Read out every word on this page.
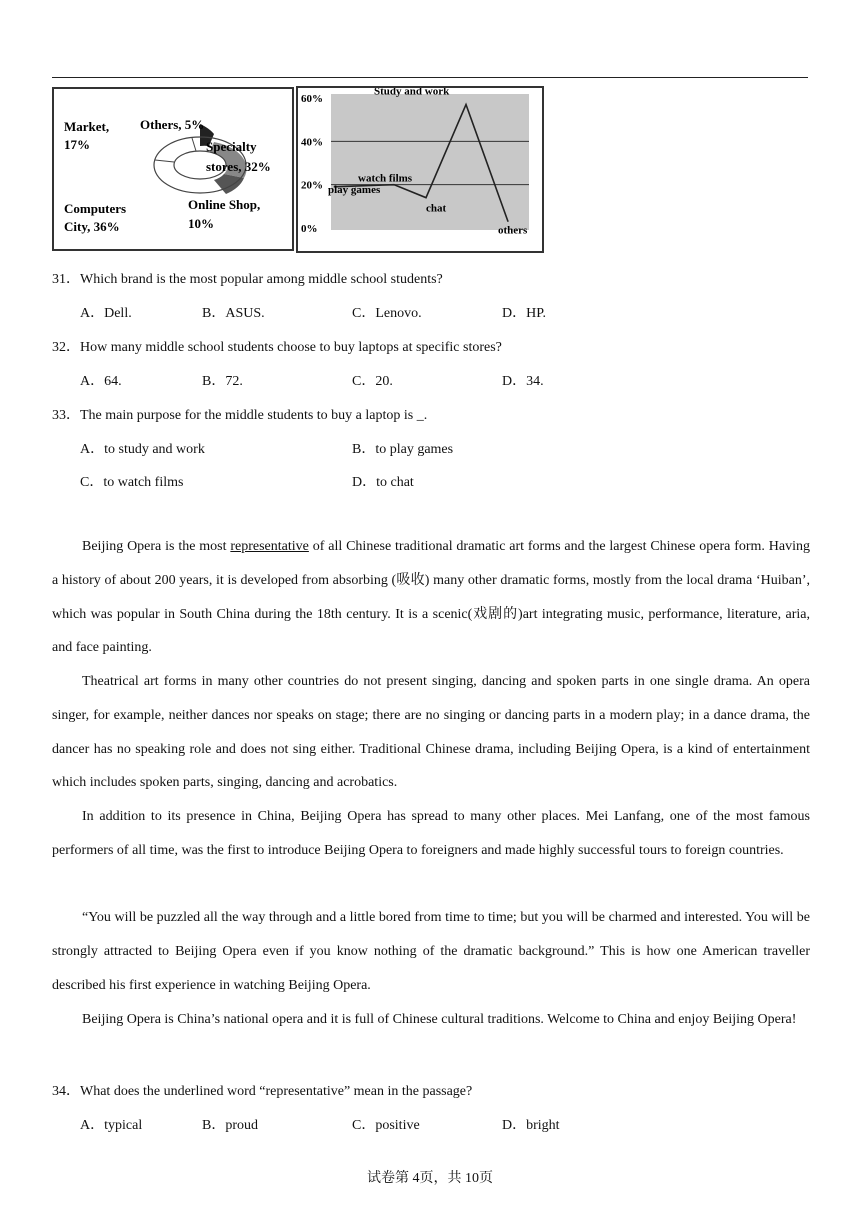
Market,
17%
Others, 5%
Specialty
stores, 32%
Online Shop,
10%
Computers
City, 36%
60%
40%
20%
0%
play games
watch films
chat
Study and work
others
31．Which brand is the most popular among middle school students?
A．Dell.	B．ASUS.	C．Lenovo.	D．HP.
32．How many middle school students choose to buy laptops at specific stores?
A．64.	B．72.	C．20.	D．34.
33．The main purpose for the middle students to buy a laptop is _.
A．to study and work	B．to play games
C．to watch films	D．to chat

Beijing Opera is the most representative of all Chinese traditional dramatic art forms and the largest Chinese opera form. Having a history of about 200 years, it is developed from absorbing (吸收) many other dramatic forms, mostly from the local drama ‘Huiban’, which was popular in South China during the 18th century. It is a scenic(戏剧的)art integrating music, performance, literature, aria, and face painting.

Theatrical art forms in many other countries do not present singing, dancing and spoken parts in one single drama. An opera singer, for example, neither dances nor speaks on stage; there are no singing or dancing parts in a modern play; in a dance drama, the dancer has no speaking role and does not sing either. Traditional Chinese drama, including Beijing Opera, is a kind of entertainment which includes spoken parts, singing, dancing and acrobatics.

In addition to its presence in China, Beijing Opera has spread to many other places. Mei Lanfang, one of the most famous performers of all time, was the first to introduce Beijing Opera to foreigners and made highly successful tours to foreign countries.

“You will be puzzled all the way through and a little bored from time to time; but you will be charmed and interested. You will be strongly attracted to Beijing Opera even if you know nothing of the dramatic background.” This is how one American traveller described his first experience in watching Beijing Opera.

Beijing Opera is China’s national opera and it is full of Chinese cultural traditions. Welcome to China and enjoy Beijing Opera!

34．What does the underlined word “representative” mean in the passage?
A．typical	B．proud	C．positive	D．bright
试卷第 4页，共 10页
